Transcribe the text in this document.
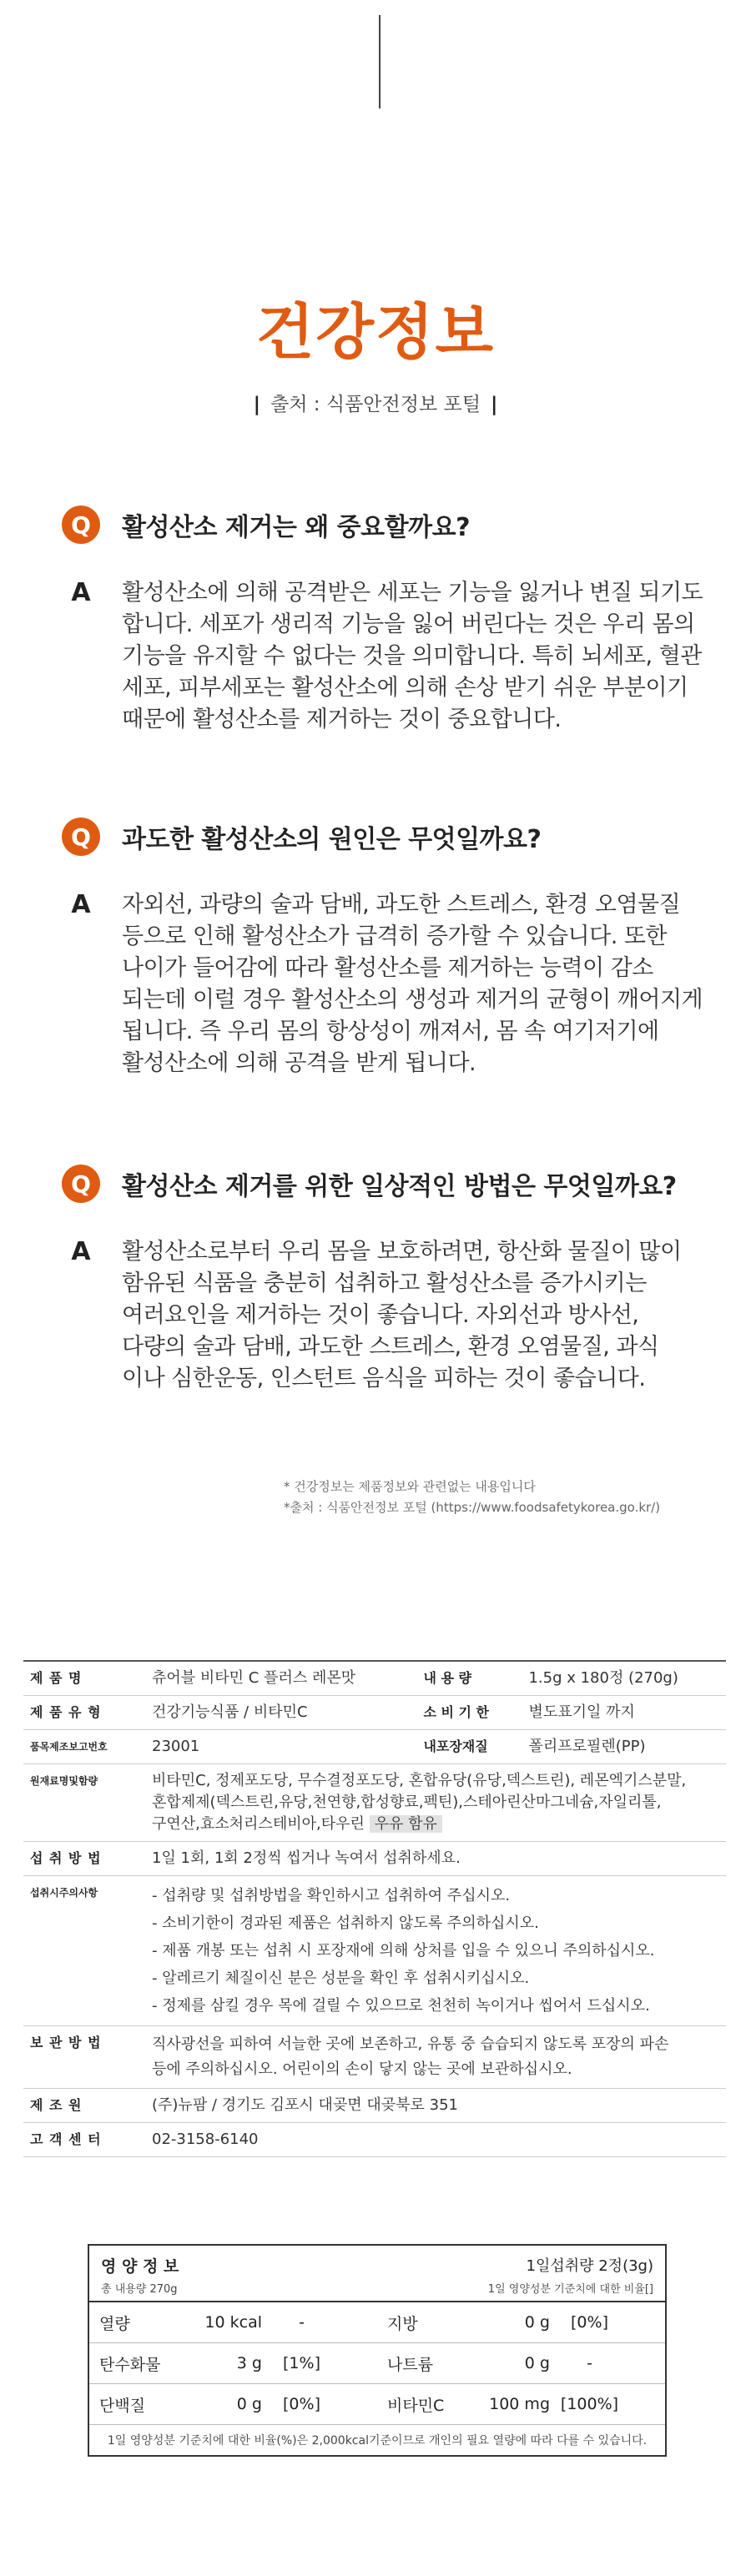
건강정보
| 출처 : 식품안전정보 포털 |
Q	활성산소 제거는 왜 중요할까요?
A	활성산소에 의해 공격받은 세포는 기능을 잃거나 변질 되기도
합니다. 세포가 생리적 기능을 잃어 버린다는 것은 우리 몸의
기능을 유지할 수 없다는 것을 의미합니다. 특히 뇌세포, 혈관
세포, 피부세포는 활성산소에 의해 손상 받기 쉬운 부분이기
때문에 활성산소를 제거하는 것이 중요합니다.
Q	과도한 활성산소의 원인은 무엇일까요?
A	자외선, 과량의 술과 담배, 과도한 스트레스, 환경 오염물질
등으로 인해 활성산소가 급격히 증가할 수 있습니다. 또한
나이가 들어감에 따라 활성산소를 제거하는 능력이 감소
되는데 이럴 경우 활성산소의 생성과 제거의 균형이 깨어지게
됩니다. 즉 우리 몸의 항상성이 깨져서, 몸 속 여기저기에
활성산소에 의해 공격을 받게 됩니다.
Q	활성산소 제거를 위한 일상적인 방법은 무엇일까요?
A	활성산소로부터 우리 몸을 보호하려면, 항산화 물질이 많이
함유된 식품을 충분히 섭취하고 활성산소를 증가시키는
여러요인을 제거하는 것이 좋습니다. 자외선과 방사선,
다량의 술과 담배, 과도한 스트레스, 환경 오염물질, 과식
이나 심한운동, 인스턴트 음식을 피하는 것이 좋습니다.
* 건강정보는 제품정보와 관련없는 내용입니다
*출처 : 식품안전정보 포털 (https://www.foodsafetykorea.go.kr/)
제 품 명	츄어블 비타민 C 플러스 레몬맛	내 용 량	1.5g x 180정 (270g)
제 품 유 형	건강기능식품 / 비타민C	소 비 기 한	별도표기일 까지
품목제조보고번호	23001	내포장재질	폴리프로필렌(PP)
원재료명및함량	비타민C, 정제포도당, 무수결정포도당, 혼합유당(유당,덱스트린), 레몬엑기스분말,
혼합제제(덱스트린,유당,천연향,합성향료,펙틴),스테아린산마그네슘,자일리톨,
구연산,효소처리스테비아,타우린 우유 함유		

섭 취 방 법	1일 1회, 1회 2정씩 씹거나 녹여서 섭취하세요.		
섭취시주의사항	- 섭취량 및 섭취방법을 확인하시고 섭취하여 주십시오.
- 소비기한이 경과된 제품은 섭취하지 않도록 주의하십시오.
- 제품 개봉 또는 섭취 시 포장재에 의해 상처를 입을 수 있으니 주의하십시오.
- 알레르기 체질이신 분은 성분을 확인 후 섭취시키십시오.
- 정제를 삼킬 경우 목에 걸릴 수 있으므로 천천히 녹이거나 씹어서 드십시오.		

보 관 방 법	직사광선을 피하여 서늘한 곳에 보존하고, 유통 중 습습되지 않도록 포장의 파손
등에 주의하십시오. 어린이의 손이 닿지 않는 곳에 보관하십시오.		

제 조 원	(주)뉴팜 / 경기도 김포시 대곶면 대곶북로 351		
고 객 센 터	02-3158-6140		
영 양 정 보	1일섭취량 2정(3g)
총 내용량 270g	1일 영양성분 기준치에 대한 비율[]
열량	10 kcal	-	지방	0 g	[0%]
탄수화물	3 g	[1%]	나트륨	0 g	-
단백질	0 g	[0%]	비타민C	100 mg [100%]
1일 영양성분 기준치에 대한 비율(%)은 2,000kcal기준이므로 개인의 필요 열량에 따라 다를 수 있습니다.
